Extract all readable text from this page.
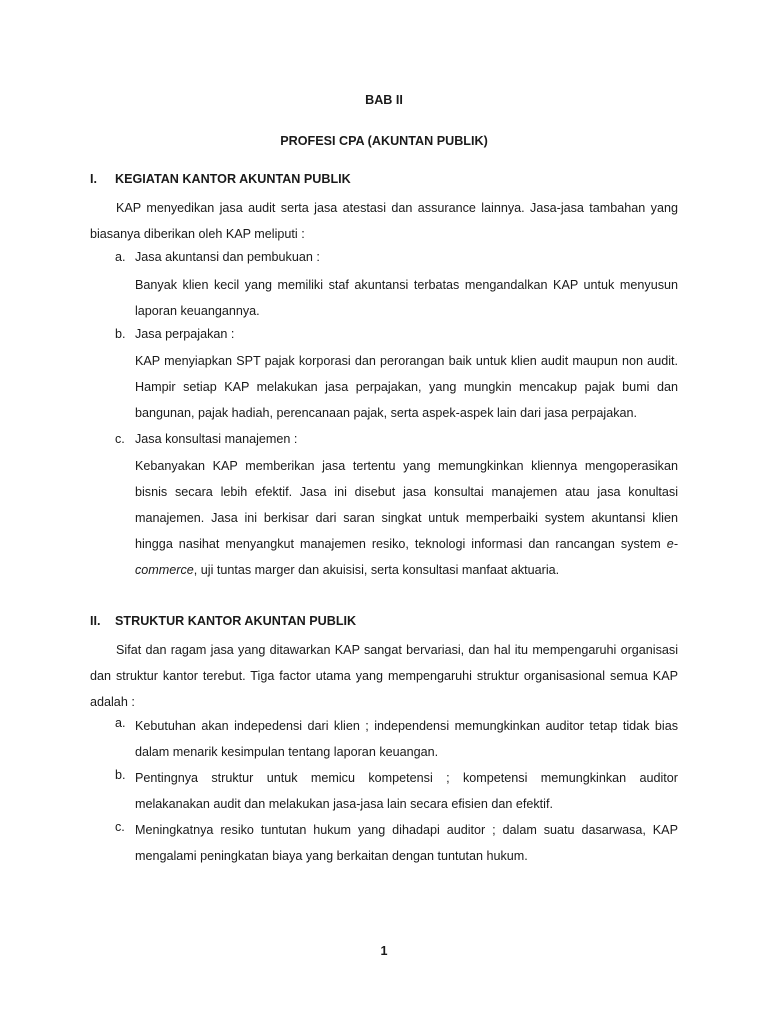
BAB II
PROFESI CPA (AKUNTAN PUBLIK)
I. KEGIATAN KANTOR AKUNTAN PUBLIK
KAP menyedikan jasa audit serta jasa atestasi dan assurance lainnya. Jasa-jasa tambahan yang
biasanya diberikan oleh KAP meliputi :
a. Jasa akuntansi dan pembukuan :
Banyak klien kecil yang memiliki staf akuntansi terbatas mengandalkan KAP untuk menyusun
laporan keuangannya.
b. Jasa perpajakan :
KAP menyiapkan SPT pajak korporasi dan perorangan baik untuk klien audit maupun non audit.
Hampir setiap KAP melakukan jasa perpajakan, yang mungkin mencakup pajak bumi dan
bangunan, pajak hadiah, perencanaan pajak, serta aspek-aspek lain dari jasa perpajakan.
c. Jasa konsultasi manajemen :
Kebanyakan KAP memberikan jasa tertentu yang memungkinkan kliennya mengoperasikan
bisnis secara lebih efektif. Jasa ini disebut jasa konsultai manajemen atau jasa konultasi
manajemen. Jasa ini berkisar dari saran singkat untuk memperbaiki system akuntansi klien
hingga nasihat menyangkut manajemen resiko, teknologi informasi dan rancangan system e-
commerce, uji tuntas marger dan akuisisi, serta konsultasi manfaat aktuaria.
II. STRUKTUR KANTOR AKUNTAN PUBLIK
Sifat dan ragam jasa yang ditawarkan KAP sangat bervariasi, dan hal itu mempengaruhi organisasi
dan struktur kantor terebut. Tiga factor utama yang mempengaruhi struktur organisasional semua KAP
adalah :
a. Kebutuhan akan indepedensi dari klien ; independensi memungkinkan auditor tetap tidak bias
dalam menarik kesimpulan tentang laporan keuangan.
b. Pentingnya struktur untuk memicu kompetensi ; kompetensi memungkinkan auditor
melakanakan audit dan melakukan jasa-jasa lain secara efisien dan efektif.
c. Meningkatnya resiko tuntutan hukum yang dihadapi auditor ; dalam suatu dasarwasa, KAP
mengalami peningkatan biaya yang berkaitan dengan tuntutan hukum.
1
